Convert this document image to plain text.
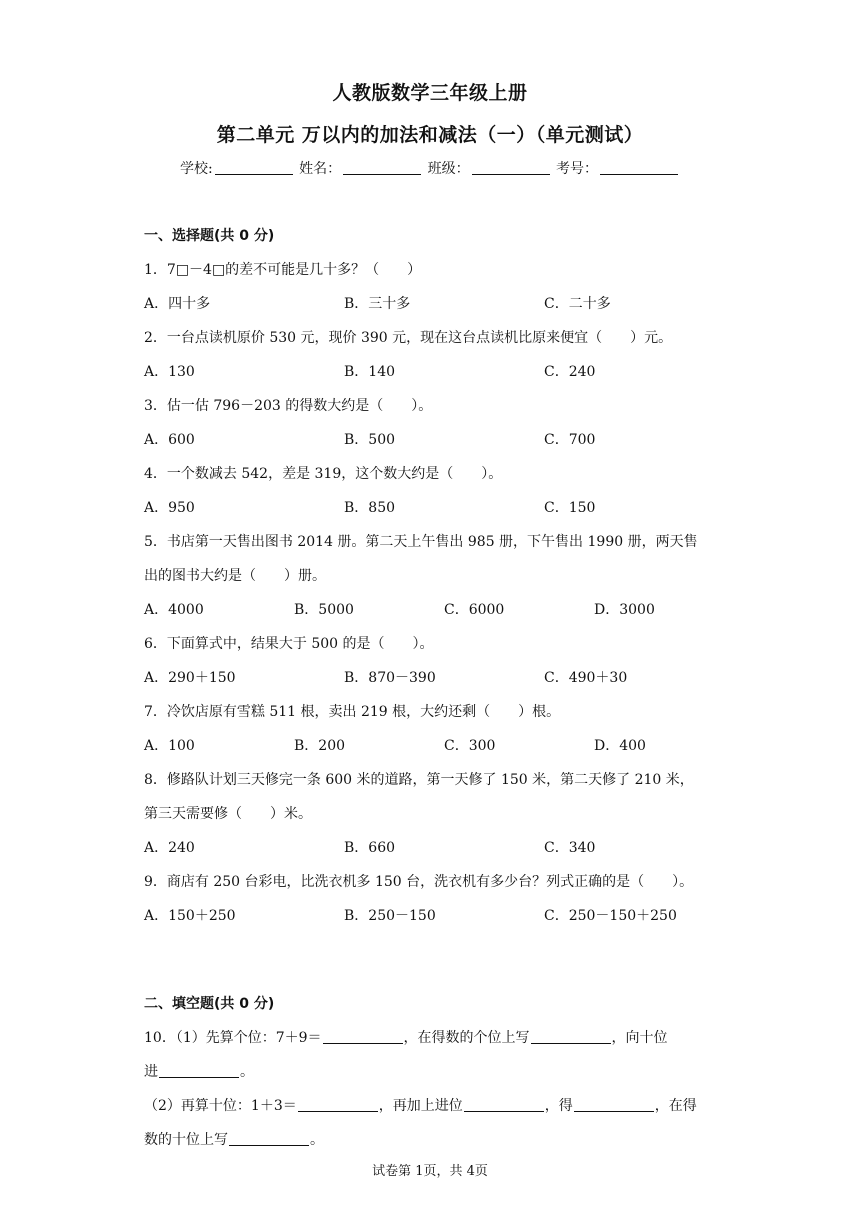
人教版数学三年级上册
第二单元 万以内的加法和减法（一）（单元测试）
学校:	姓名：	班级：	考号：
一、选择题(共 0 分)
1．7□－4□的差不可能是几十多？（　　）
A．四十多	B．三十多	C．二十多
2．一台点读机原价 530 元，现价 390 元，现在这台点读机比原来便宜（　　）元。
A．130	B．140	C．240
3．估一估 796－203 的得数大约是（　　）。
A．600	B．500	C．700
4．一个数减去 542，差是 319，这个数大约是（　　）。
A．950	B．850	C．150
5．书店第一天售出图书 2014 册。第二天上午售出 985 册，下午售出 1990 册，两天售
出的图书大约是（　　）册。
A．4000	B．5000	C．6000	D．3000
6．下面算式中，结果大于 500 的是（　　）。
A．290＋150	B．870－390	C．490＋30
7．冷饮店原有雪糕 511 根，卖出 219 根，大约还剩（　　）根。
A．100	B．200	C．300	D．400
8．修路队计划三天修完一条 600 米的道路，第一天修了 150 米，第二天修了 210 米，
第三天需要修（　　）米。
A．240	B．660	C．340
9．商店有 250 台彩电，比洗衣机多 150 台，洗衣机有多少台？列式正确的是（　　）。
A．150＋250	B．250－150	C．250－150＋250
二、填空题(共 0 分)
10．（1）先算个位：7＋9＝	，在得数的个位上写	，向十位
进	。
（2）再算十位：1＋3＝	，再加上进位	，得	，在得
数的十位上写	。
试卷第 1页，共 4页
